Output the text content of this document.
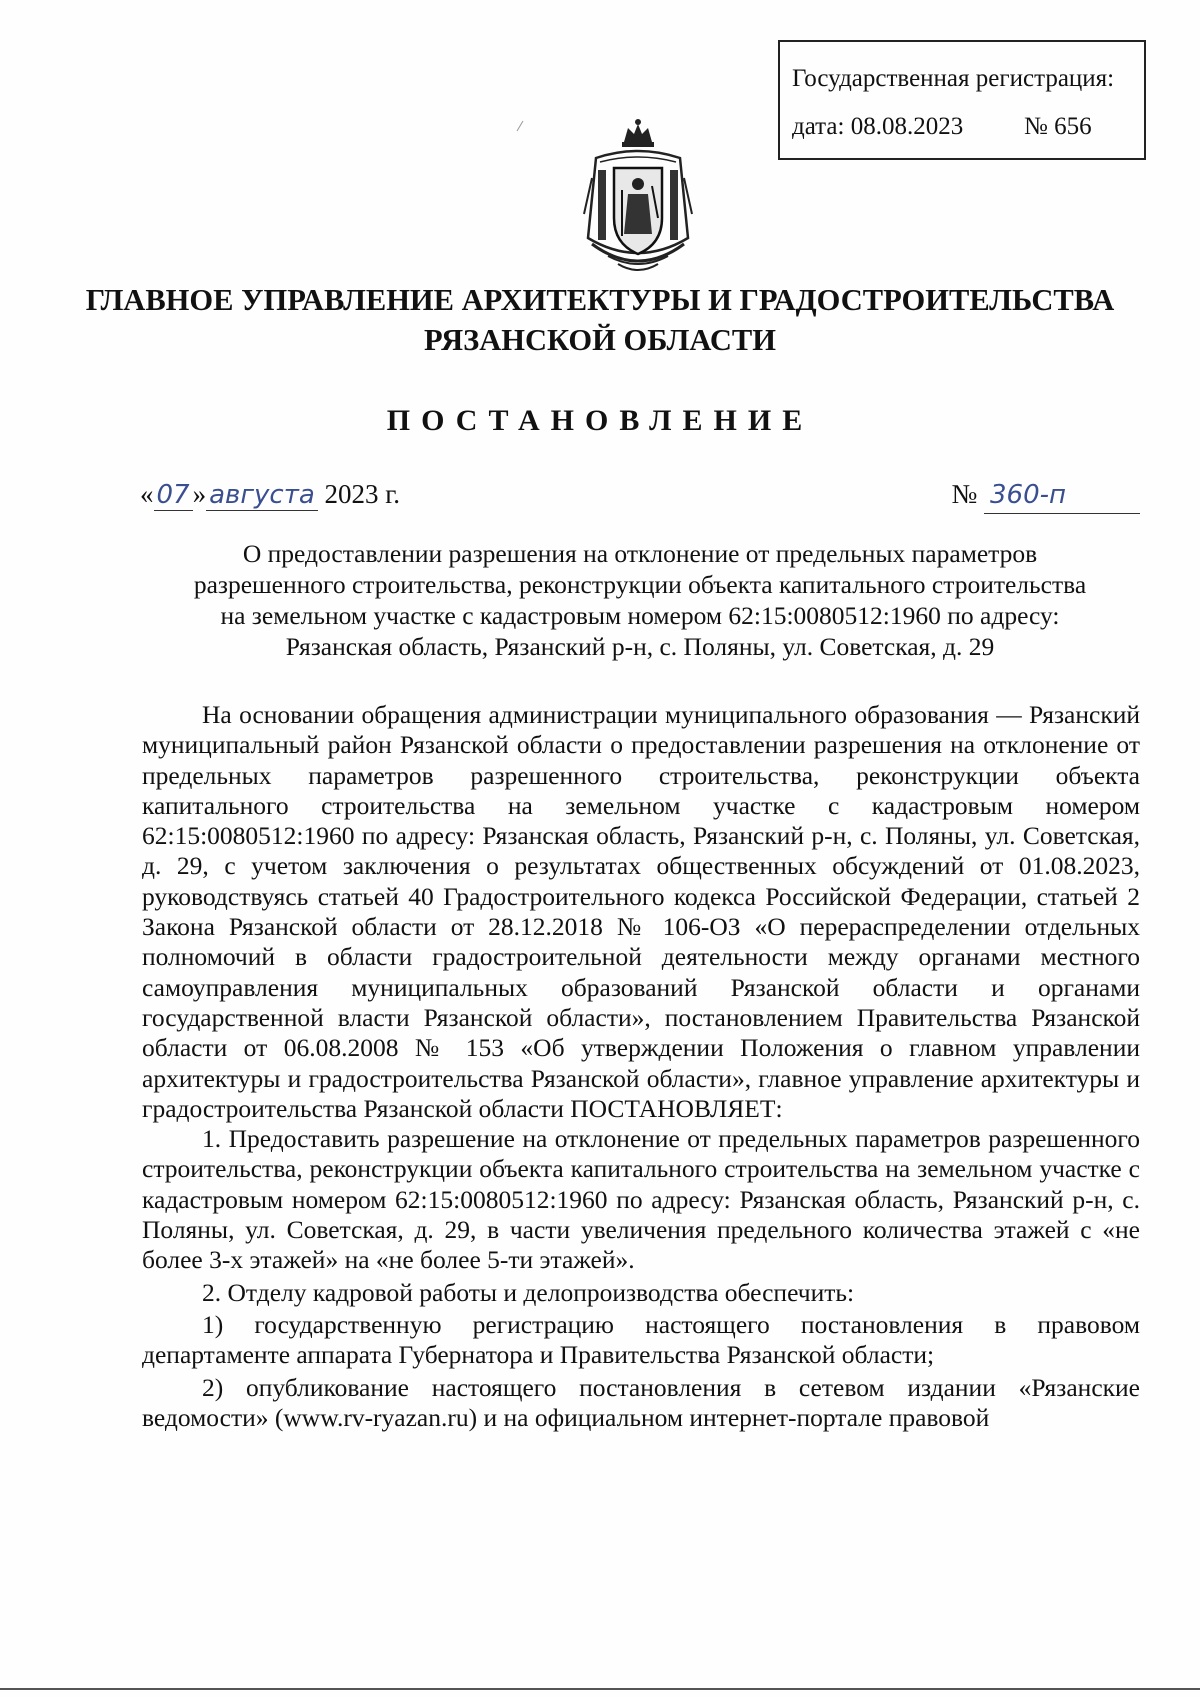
Государственная регистрация:
дата: 08.08.2023 № 656
ГЛАВНОЕ УПРАВЛЕНИЕ АРХИТЕКТУРЫ И ГРАДОСТРОИТЕЛЬСТВА
РЯЗАНСКОЙ ОБЛАСТИ
ПОСТАНОВЛЕНИЕ
« 07 » августа 2023 г.	№ 360-п
О предоставлении разрешения на отклонение от предельных параметров
разрешенного строительства, реконструкции объекта капитального строительства
на земельном участке с кадастровым номером 62:15:0080512:1960 по адресу:
Рязанская область, Рязанский р-н, с. Поляны, ул. Советская, д. 29

На основании обращения администрации муниципального образования — Рязанский муниципальный район Рязанской области о предоставлении разрешения на отклонение от предельных параметров разрешенного строительства, реконструкции объекта капитального строительства на земельном участке с кадастровым номером 62:15:0080512:1960 по адресу: Рязанская область, Рязанский р-н, с. Поляны, ул. Советская, д. 29, с учетом заключения о результатах общественных обсуждений от 01.08.2023, руководствуясь статьей 40 Градостроительного кодекса Российской Федерации, статьей 2 Закона Рязанской области от 28.12.2018 № 106-ОЗ «О перераспределении отдельных полномочий в области градостроительной деятельности между органами местного самоуправления муниципальных образований Рязанской области и органами государственной власти Рязанской области», постановлением Правительства Рязанской области от 06.08.2008 № 153 «Об утверждении Положения о главном управлении архитектуры и градостроительства Рязанской области», главное управление архитектуры и градостроительства Рязанской области ПОСТАНОВЛЯЕТ:

1. Предоставить разрешение на отклонение от предельных параметров разрешенного строительства, реконструкции объекта капитального строительства на земельном участке с кадастровым номером 62:15:0080512:1960 по адресу: Рязанская область, Рязанский р-н, с. Поляны, ул. Советская, д. 29, в части увеличения предельного количества этажей с «не более 3-х этажей» на «не более 5-ти этажей».

2. Отделу кадровой работы и делопроизводства обеспечить:

1) государственную регистрацию настоящего постановления в правовом департаменте аппарата Губернатора и Правительства Рязанской области;

2) опубликование настоящего постановления в сетевом издании «Рязанские ведомости» (www.rv-ryazan.ru) и на официальном интернет-портале правовой
